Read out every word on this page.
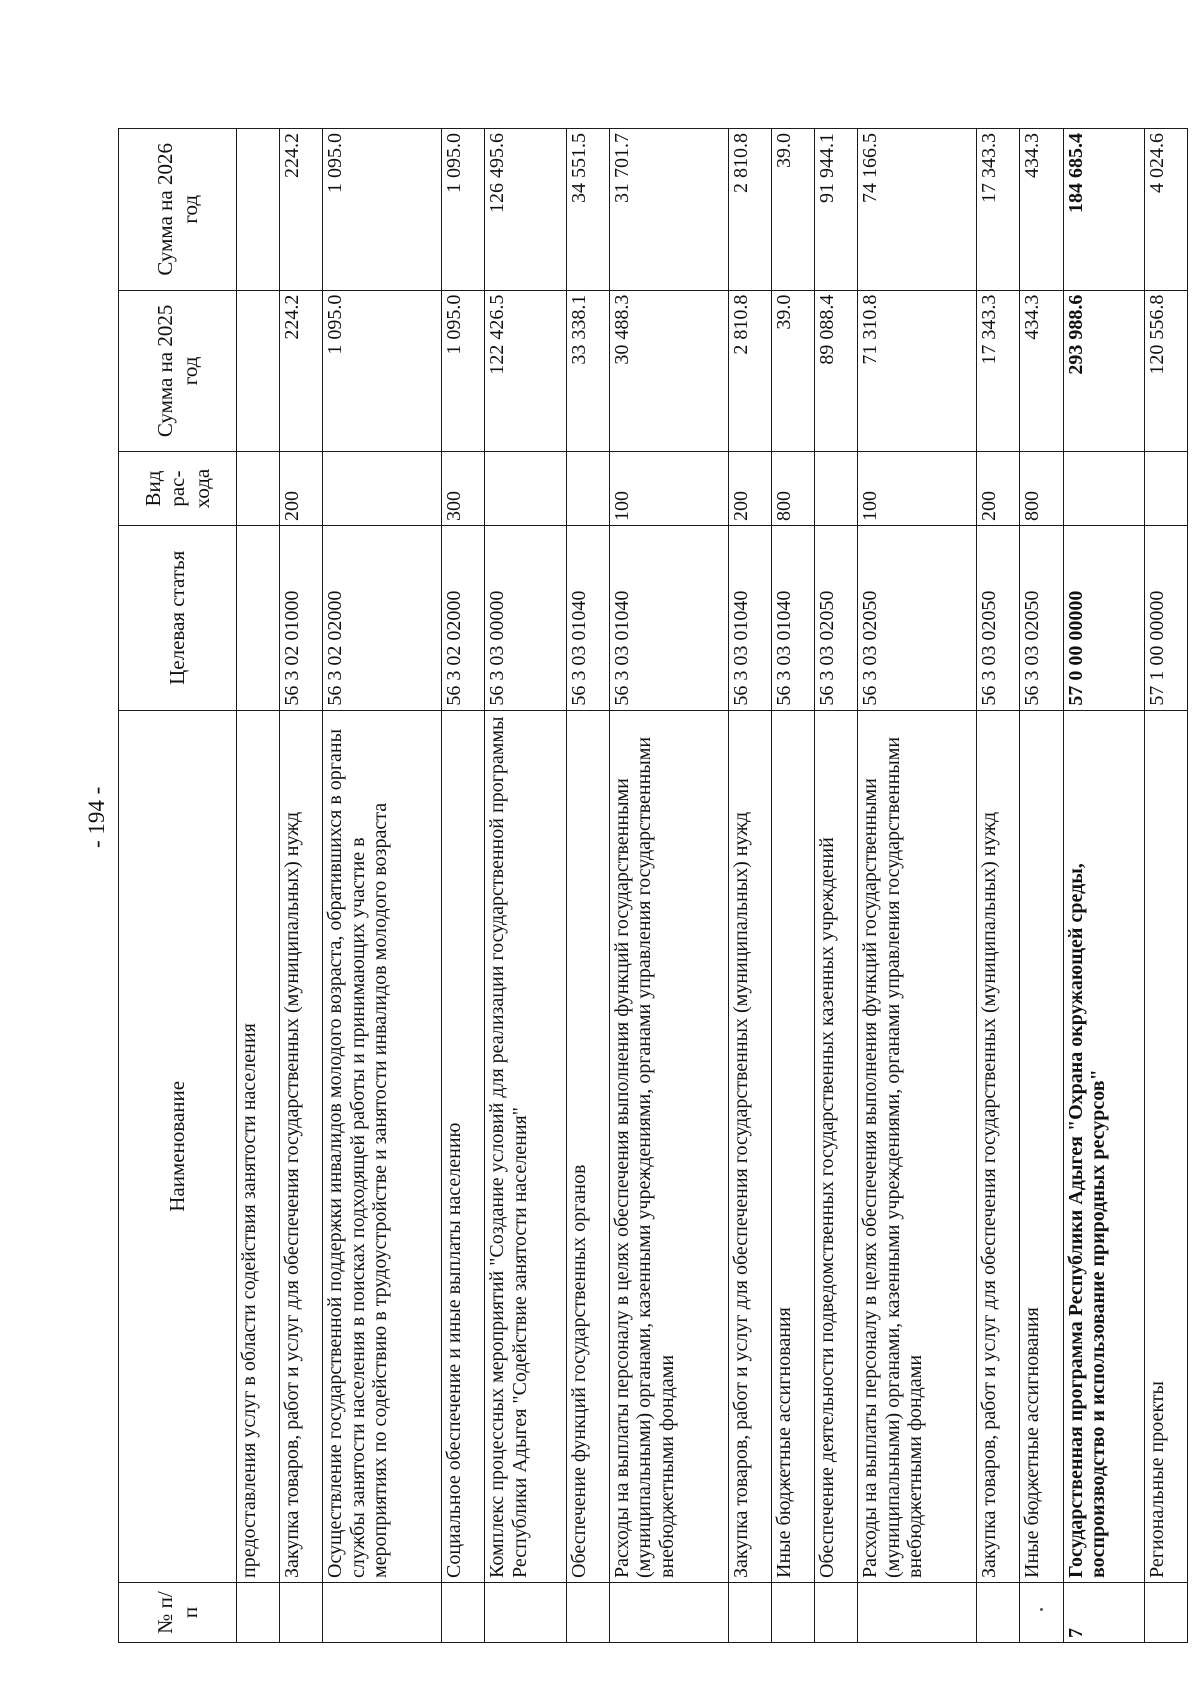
- 194 -
№ п/п	Наименование	Целевая статья	Вид рас-хода	Сумма на 2025 год	Сумма на 2026 год
	предоставления услуг в области содействия занятости населения				
	Закупка товаров, работ и услуг для обеспечения государственных (муниципальных) нужд	56 3 02 01000	200	224.2	224.2
	Осуществление государственной поддержки инвалидов молодого возраста, обратившихся в органы службы занятости населения в поисках подходящей работы и принимающих участие в мероприятиях по содействию в трудоустройстве и занятости инвалидов молодого возраста	56 3 02 02000		1 095.0	1 095.0
	Социальное обеспечение и иные выплаты населению	56 3 02 02000	300	1 095.0	1 095.0
	Комплекс процессных мероприятий "Создание условий для реализации государственной программы Республики Адыгея "Содействие занятости населения"	56 3 03 00000		122 426.5	126 495.6
	Обеспечение функций государственных органов	56 3 03 01040		33 338.1	34 551.5
	Расходы на выплаты персоналу в целях обеспечения выполнения функций государственными (муниципальными) органами, казенными учреждениями, органами управления государственными внебюджетными фондами	56 3 03 01040	100	30 488.3	31 701.7
	Закупка товаров, работ и услуг для обеспечения государственных (муниципальных) нужд	56 3 03 01040	200	2 810.8	2 810.8
	Иные бюджетные ассигнования	56 3 03 01040	800	39.0	39.0
	Обеспечение деятельности подведомственных государственных казенных учреждений	56 3 03 02050		89 088.4	91 944.1
	Расходы на выплаты персоналу в целях обеспечения выполнения функций государственными (муниципальными) органами, казенными учреждениями, органами управления государственными внебюджетными фондами	56 3 03 02050	100	71 310.8	74 166.5
	Закупка товаров, работ и услуг для обеспечения государственных (муниципальных) нужд	56 3 03 02050	200	17 343.3	17 343.3
	Иные бюджетные ассигнования	56 3 03 02050	800	434.3	434.3
7	Государственная программа Республики Адыгея "Охрана окружающей среды, воспроизводство и использование природных ресурсов"	57 0 00 00000		293 988.6	184 685.4
	Региональные проекты	57 1 00 00000		120 556.8	4 024.6
